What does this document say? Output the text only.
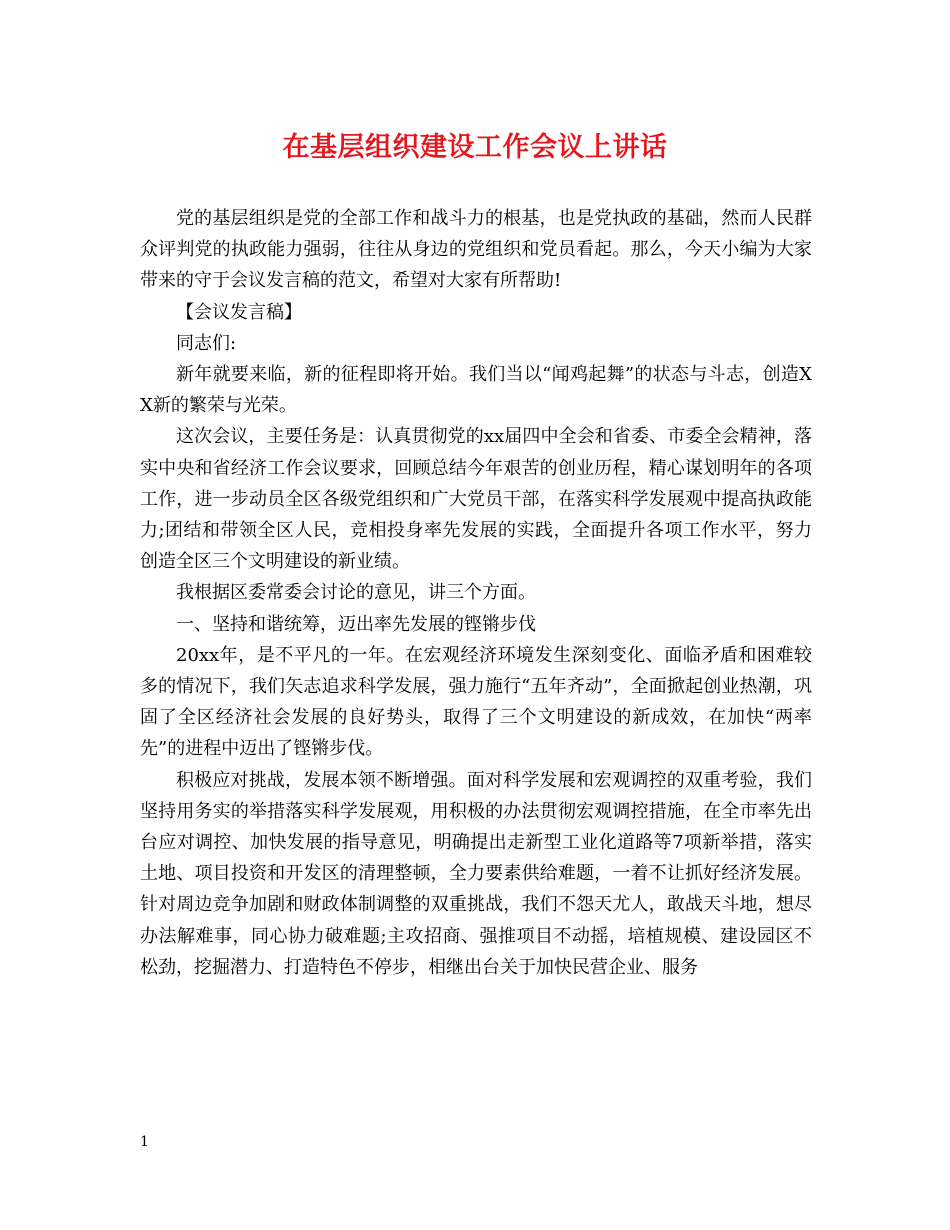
在基层组织建设工作会议上讲话

党的基层组织是党的全部工作和战斗力的根基，也是党执政的基础，然而人民群众评判党的执政能力强弱，往往从身边的党组织和党员看起。那么，今天小编为大家带来的守于会议发言稿的范文，希望对大家有所帮助!

【会议发言稿】

同志们:

新年就要来临，新的征程即将开始。我们当以“闻鸡起舞”的状态与斗志，创造XX新的繁荣与光荣。

这次会议，主要任务是：认真贯彻党的xx届四中全会和省委、市委全会精神，落实中央和省经济工作会议要求，回顾总结今年艰苦的创业历程，精心谋划明年的各项工作，进一步动员全区各级党组织和广大党员干部，在落实科学发展观中提高执政能力;团结和带领全区人民，竞相投身率先发展的实践，全面提升各项工作水平，努力创造全区三个文明建设的新业绩。

我根据区委常委会讨论的意见，讲三个方面。

一、坚持和谐统筹，迈出率先发展的铿锵步伐

20xx年，是不平凡的一年。在宏观经济环境发生深刻变化、面临矛盾和困难较多的情况下，我们矢志追求科学发展，强力施行“五年齐动”，全面掀起创业热潮，巩固了全区经济社会发展的良好势头，取得了三个文明建设的新成效，在加快“两率先”的进程中迈出了铿锵步伐。

积极应对挑战，发展本领不断增强。面对科学发展和宏观调控的双重考验，我们坚持用务实的举措落实科学发展观，用积极的办法贯彻宏观调控措施，在全市率先出台应对调控、加快发展的指导意见，明确提出走新型工业化道路等7项新举措，落实土地、项目投资和开发区的清理整顿，全力要素供给难题，一着不让抓好经济发展。针对周边竞争加剧和财政体制调整的双重挑战，我们不怨天尤人，敢战天斗地，想尽办法解难事，同心协力破难题;主攻招商、强推项目不动摇，培植规模、建设园区不松劲，挖掘潜力、打造特色不停步，相继出台关于加快民营企业、服务

1
